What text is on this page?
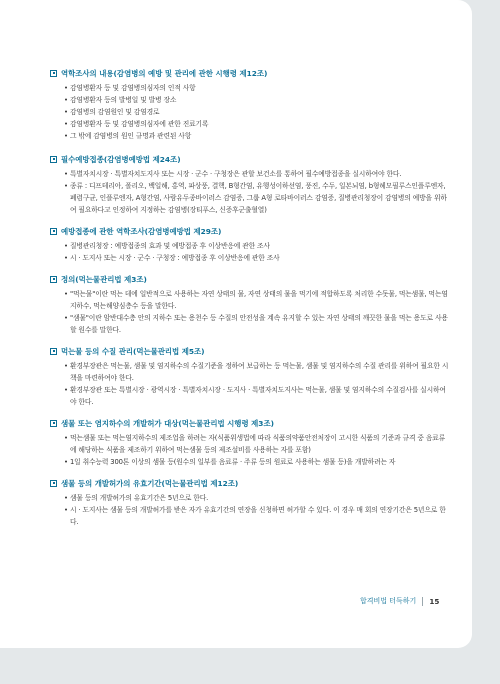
역학조사의 내용(감염병의 예방 및 관리에 관한 시행령 제12조)
• 감염병환자 등 및 감염병의심자의 인적 사항
• 감염병환자 등의 발병일 및 발병 장소
• 감염병의 감염원인 및 감염경로
• 감염병환자 등 및 감염병의심자에 관한 진료기록
• 그 밖에 감염병의 원인 규명과 관련된 사항
필수예방접종(감염병예방법 제24조)
• 특별자치시장 · 특별자치도지사 또는 시장 · 군수 · 구청장은 관할 보건소를 통하여 필수예방접종을 실시하여야 한다.
• 종류 : 디프테리아, 폴리오, 백일해, 홍역, 파상풍, 결핵, B형간염, 유행성이하선염, 풍진, 수두, 일본뇌염, b형헤모필루스인플루엔자, 폐렴구균, 인플루엔자, A형간염, 사람유두종바이러스 감염증, 그룹 A형 로타바이러스 감염증, 질병관리청장이 감염병의 예방을 위하여 필요하다고 인정하여 지정하는 감염병(장티푸스, 신증후군출혈열)
예방접종에 관한 역학조사(감염병예방법 제29조)
• 질병관리청장 : 예방접종의 효과 및 예방접종 후 이상반응에 관한 조사
• 시 · 도지사 또는 시장 · 군수 · 구청장 : 예방접종 후 이상반응에 관한 조사
정의(먹는물관리법 제3조)
• "먹는물"이란 먹는 데에 일반적으로 사용하는 자연 상태의 물, 자연 상태의 물을 먹기에 적합하도록 처리한 수돗물, 먹는샘물, 먹는염지하수, 먹는해양심층수 등을 말한다.
• "샘물"이란 암반대수층 안의 지하수 또는 용천수 등 수질의 안전성을 계속 유지할 수 있는 자연 상태의 깨끗한 물을 먹는 용도로 사용할 원수를 말한다.
먹는물 등의 수질 관리(먹는물관리법 제5조)
• 환경부장관은 먹는물, 샘물 및 염지하수의 수질기준을 정하여 보급하는 등 먹는물, 샘물 및 염지하수의 수질 관리를 위하여 필요한 시책을 마련하여야 한다.
• 환경부장관 또는 특별시장 · 광역시장 · 특별자치시장 · 도지사 · 특별자치도지사는 먹는물, 샘물 및 염지하수의 수질검사를 실시하여야 한다.
샘물 또는 염지하수의 개발허가 대상(먹는물관리법 시행령 제3조)
• 먹는샘물 또는 먹는염지하수의 제조업을 하려는 자(식품위생법에 따라 식품의약품안전처장이 고시한 식품의 기준과 규격 중 음료류에 해당하는 식품을 제조하기 위하여 먹는샘물 등의 제조설비를 사용하는 자를 포함)
• 1일 취수능력 300톤 이상의 샘물 등(원수의 일부를 음료류 · 주류 등의 원료로 사용하는 샘물 등)을 개발하려는 자
샘물 등의 개발허가의 유효기간(먹는물관리법 제12조)
• 샘물 등의 개발허가의 유효기간은 5년으로 한다.
• 시 · 도지사는 샘물 등의 개발허가를 받은 자가 유효기간의 연장을 신청하면 허가할 수 있다. 이 경우 매 회의 연장기간은 5년으로 한다.
합격비법 터득하기 15
